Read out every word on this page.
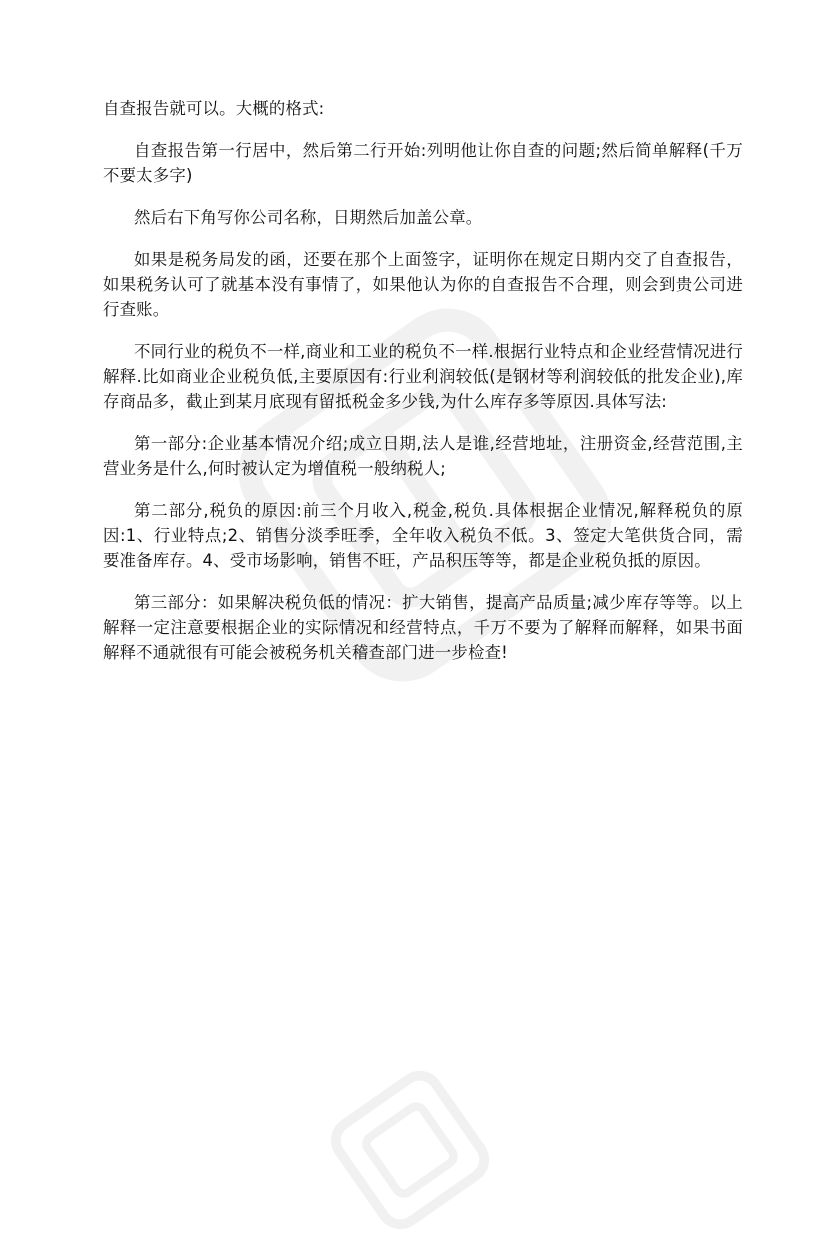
自查报告就可以。大概的格式:

自查报告第一行居中，然后第二行开始:列明他让你自查的问题;然后简单解释(千万不要太多字)

然后右下角写你公司名称，日期然后加盖公章。

如果是税务局发的函，还要在那个上面签字，证明你在规定日期内交了自查报告，如果税务认可了就基本没有事情了，如果他认为你的自查报告不合理，则会到贵公司进行查账。

不同行业的税负不一样,商业和工业的税负不一样.根据行业特点和企业经营情况进行解释.比如商业企业税负低,主要原因有:行业利润较低(是钢材等利润较低的批发企业),库存商品多，截止到某月底现有留抵税金多少钱,为什么库存多等原因.具体写法:

第一部分:企业基本情况介绍;成立日期,法人是谁,经营地址，注册资金,经营范围,主营业务是什么,何时被认定为增值税一般纳税人;

第二部分,税负的原因:前三个月收入,税金,税负.具体根据企业情况,解释税负的原因:1、行业特点;2、销售分淡季旺季，全年收入税负不低。3、签定大笔供货合同，需要准备库存。4、受市场影响，销售不旺，产品积压等等，都是企业税负抵的原因。

第三部分：如果解决税负低的情况：扩大销售，提高产品质量;减少库存等等。以上解释一定注意要根据企业的实际情况和经营特点，千万不要为了解释而解释，如果书面解释不通就很有可能会被税务机关稽查部门进一步检查!
